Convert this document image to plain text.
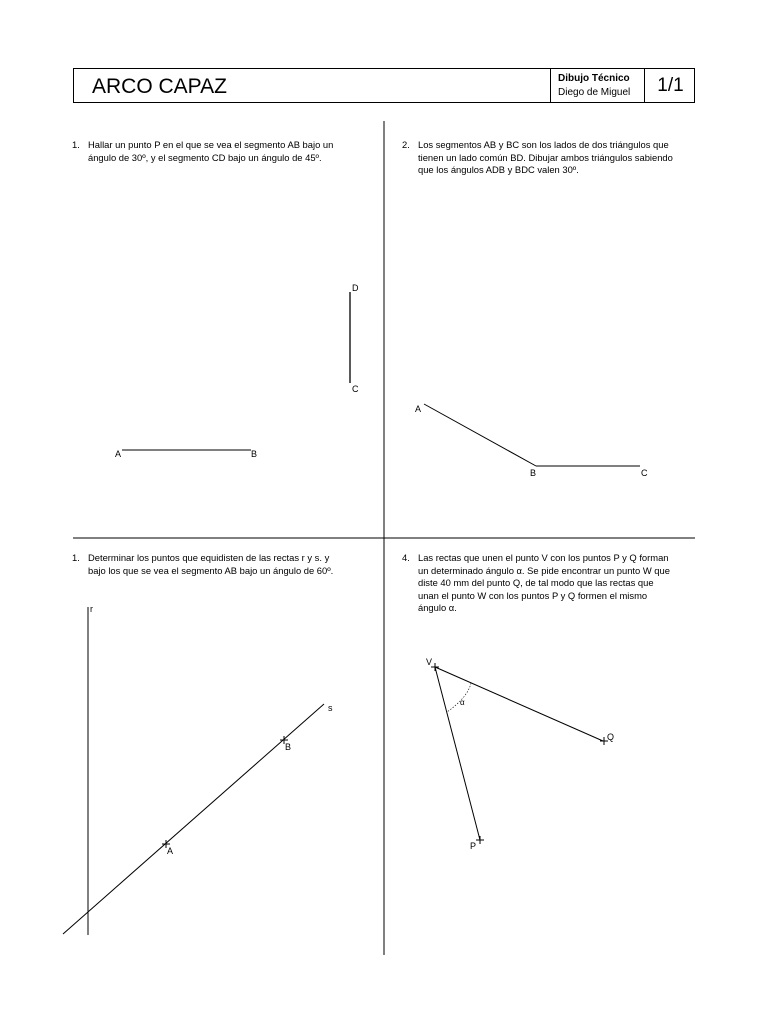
ARCO CAPAZ	Dibujo Técnico
Diego de Miguel	1/1
1. Hallar un punto P en el que se vea el segmento AB bajo un
ángulo de 30º, y el segmento CD bajo un ángulo de 45º.
2. Los segmentos AB y BC son los lados de dos triángulos que
tienen un lado común BD. Dibujar ambos triángulos sabiendo
que los ángulos ADB y BDC valen 30º.
1. Determinar los puntos que equidisten de las rectas r y s. y
bajo los que se vea el segmento AB bajo un ángulo de 60º.
4. Las rectas que unen el punto V con los puntos P y Q forman
un determinado ángulo α. Se pide encontrar un punto W que
diste 40 mm del punto Q, de tal modo que las rectas que
unan el punto W con los puntos P y Q formen el mismo
ángulo α.
A	B
C
D
A
B	C
r
s
B
A
V
Q
P
α
